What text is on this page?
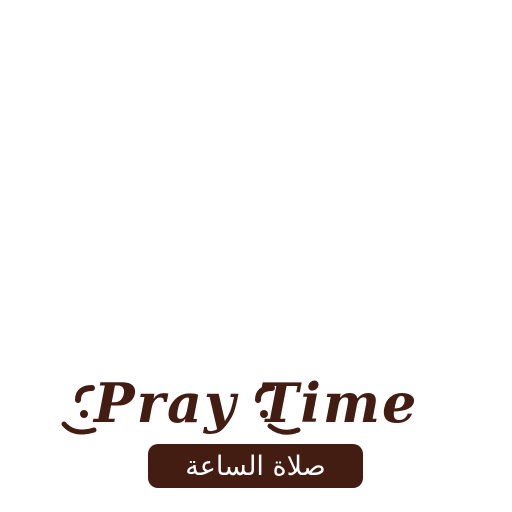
Pray Time
صلاة الساعة
